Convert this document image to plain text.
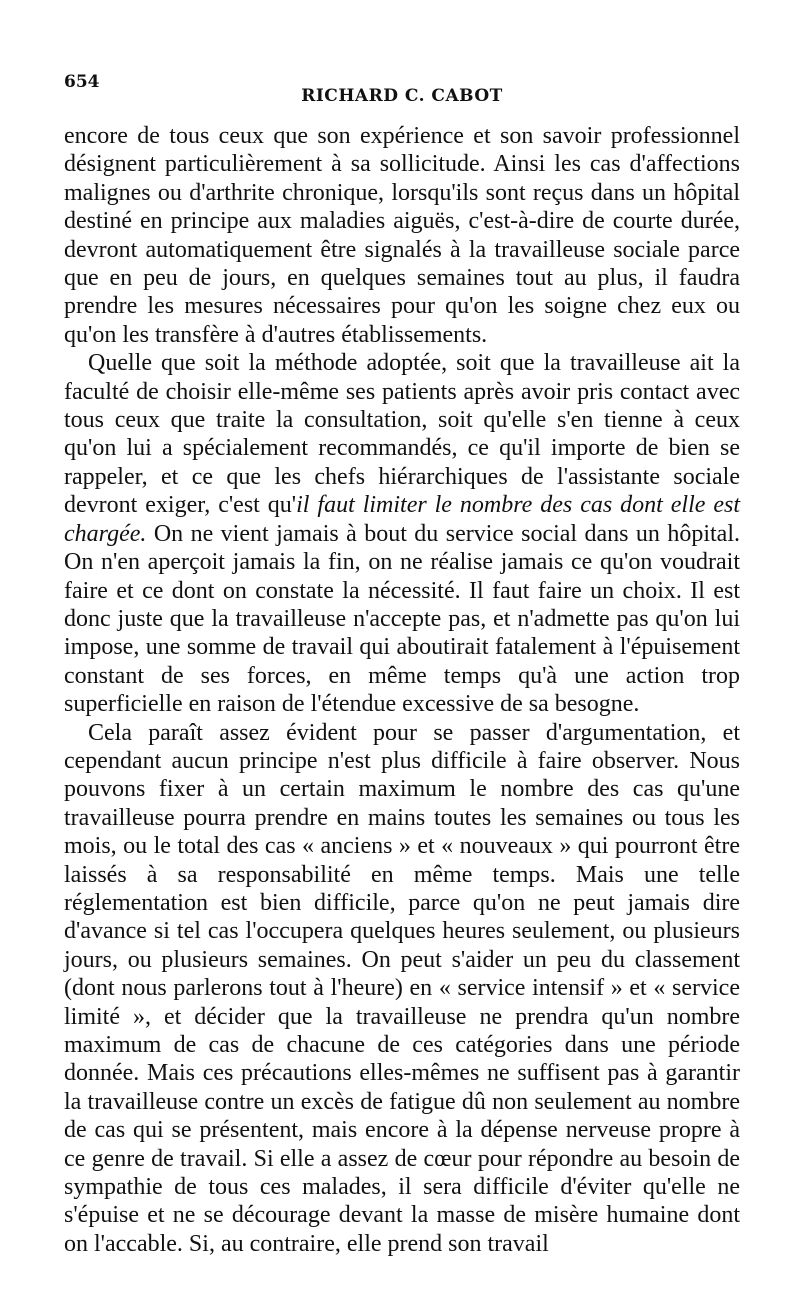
654
RICHARD C. CABOT

encore de tous ceux que son expérience et son savoir professionnel désignent particulièrement à sa sollicitude. Ainsi les cas d'affections malignes ou d'arthrite chronique, lorsqu'ils sont reçus dans un hôpital destiné en principe aux maladies aiguës, c'est-à-dire de courte durée, devront automatiquement être signalés à la travailleuse sociale parce que en peu de jours, en quelques semaines tout au plus, il faudra prendre les mesures nécessaires pour qu'on les soigne chez eux ou qu'on les transfère à d'autres établissements.

Quelle que soit la méthode adoptée, soit que la travailleuse ait la faculté de choisir elle-même ses patients après avoir pris contact avec tous ceux que traite la consultation, soit qu'elle s'en tienne à ceux qu'on lui a spécialement recommandés, ce qu'il importe de bien se rappeler, et ce que les chefs hiérarchiques de l'assistante sociale devront exiger, c'est qu'il faut limiter le nombre des cas dont elle est chargée. On ne vient jamais à bout du service social dans un hôpital. On n'en aperçoit jamais la fin, on ne réalise jamais ce qu'on voudrait faire et ce dont on constate la nécessité. Il faut faire un choix. Il est donc juste que la travailleuse n'accepte pas, et n'admette pas qu'on lui impose, une somme de travail qui aboutirait fatalement à l'épuisement constant de ses forces, en même temps qu'à une action trop superficielle en raison de l'étendue excessive de sa besogne.

Cela paraît assez évident pour se passer d'argumentation, et cependant aucun principe n'est plus difficile à faire observer. Nous pouvons fixer à un certain maximum le nombre des cas qu'une travailleuse pourra prendre en mains toutes les semaines ou tous les mois, ou le total des cas « anciens » et « nouveaux » qui pourront être laissés à sa responsabilité en même temps. Mais une telle réglementation est bien difficile, parce qu'on ne peut jamais dire d'avance si tel cas l'occupera quelques heures seulement, ou plusieurs jours, ou plusieurs semaines. On peut s'aider un peu du classement (dont nous parlerons tout à l'heure) en « service intensif » et « service limité », et décider que la travailleuse ne prendra qu'un nombre maximum de cas de chacune de ces catégories dans une période donnée. Mais ces précautions elles-mêmes ne suffisent pas à garantir la travailleuse contre un excès de fatigue dû non seulement au nombre de cas qui se présentent, mais encore à la dépense nerveuse propre à ce genre de travail. Si elle a assez de cœur pour répondre au besoin de sympathie de tous ces malades, il sera difficile d'éviter qu'elle ne s'épuise et ne se décourage devant la masse de misère humaine dont on l'accable. Si, au contraire, elle prend son travail
